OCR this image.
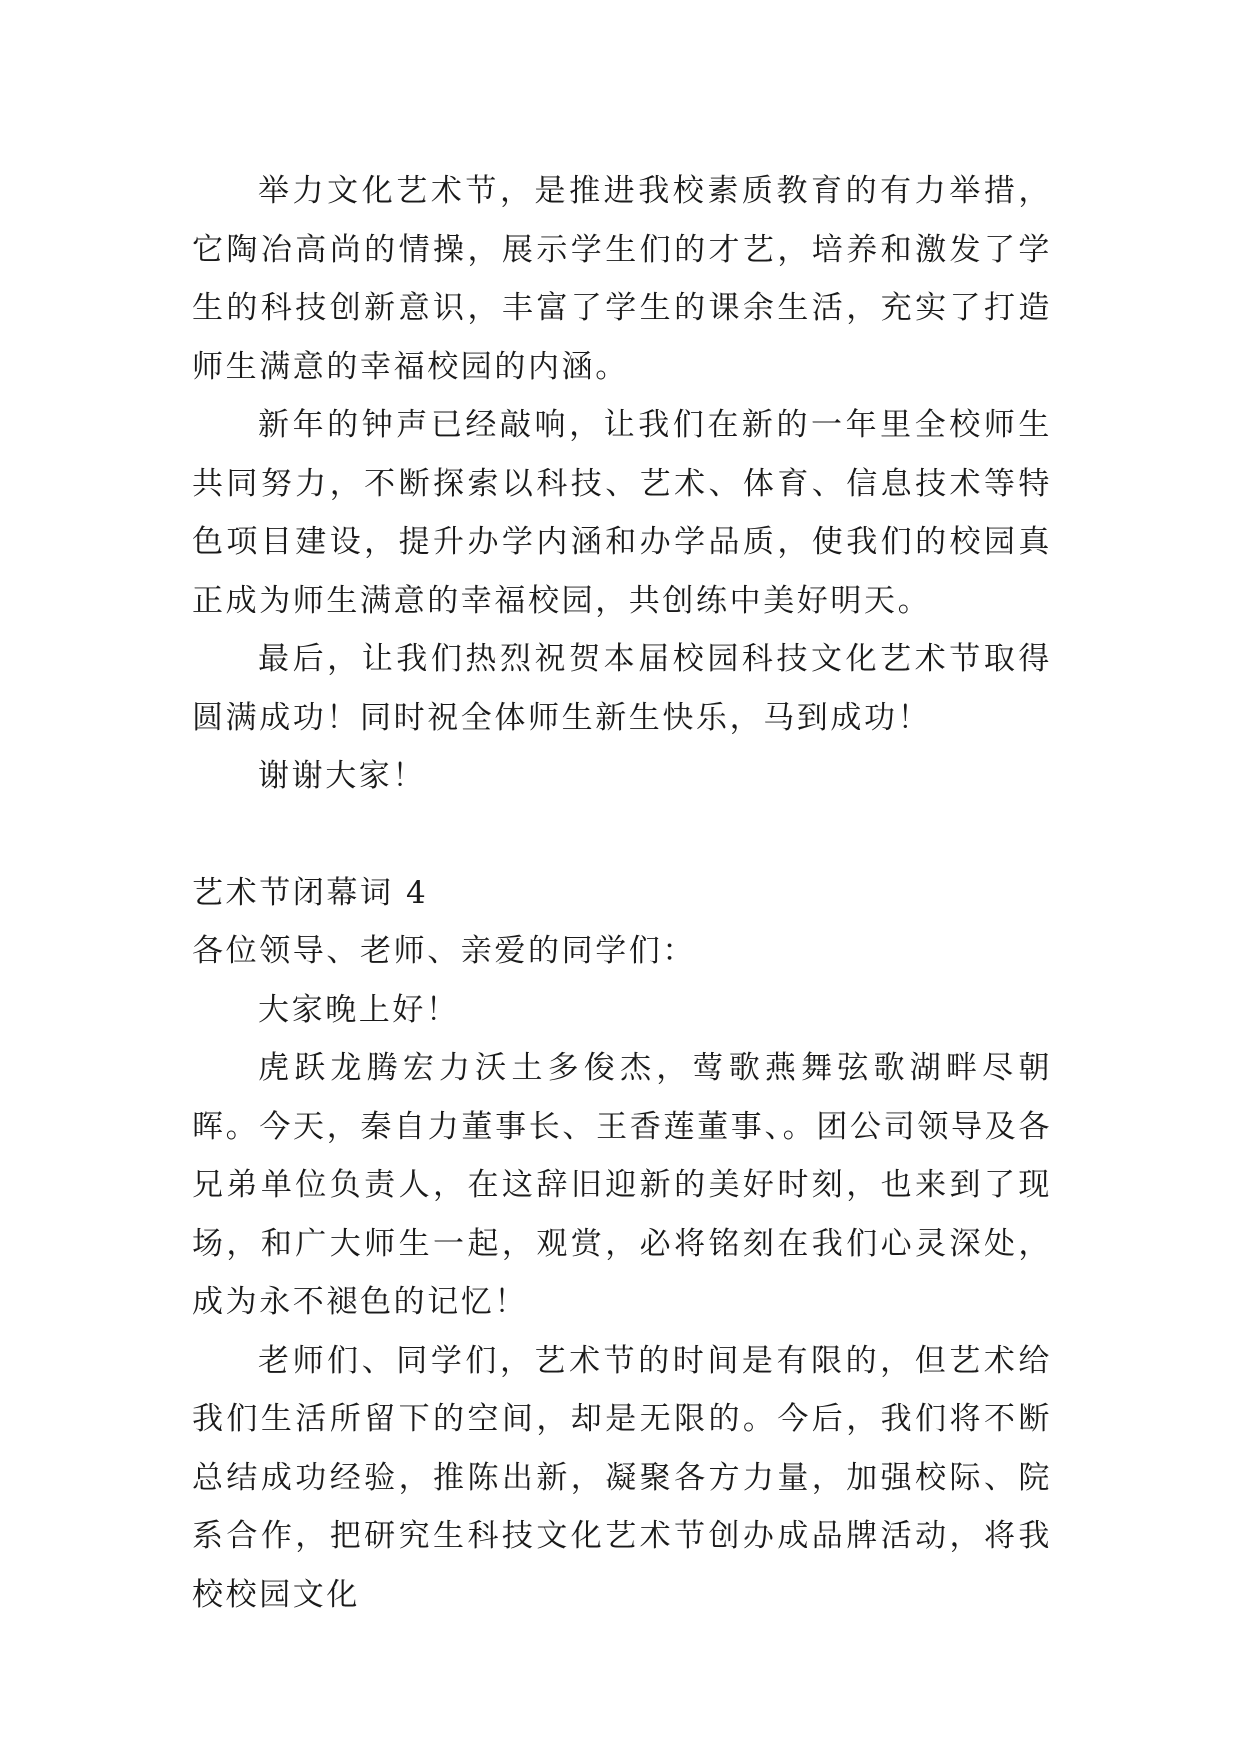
举力文化艺术节，是推进我校素质教育的有力举措，它陶冶高尚的情操，展示学生们的才艺，培养和激发了学生的科技创新意识，丰富了学生的课余生活，充实了打造师生满意的幸福校园的内涵。

新年的钟声已经敲响，让我们在新的一年里全校师生共同努力，不断探索以科技、艺术、体育、信息技术等特色项目建设，提升办学内涵和办学品质，使我们的校园真正成为师生满意的幸福校园，共创练中美好明天。

最后，让我们热烈祝贺本届校园科技文化艺术节取得圆满成功！同时祝全体师生新生快乐，马到成功！

谢谢大家！

艺术节闭幕词 4

各位领导、老师、亲爱的同学们：

大家晚上好！

虎跃龙腾宏力沃土多俊杰，莺歌燕舞弦歌湖畔尽朝晖。今天，秦自力董事长、王香莲董事、。团公司领导及各兄弟单位负责人，在这辞旧迎新的美好时刻，也来到了现场，和广大师生一起，观赏，必将铭刻在我们心灵深处，成为永不褪色的记忆！

老师们、同学们，艺术节的时间是有限的，但艺术给我们生活所留下的空间，却是无限的。今后，我们将不断总结成功经验，推陈出新，凝聚各方力量，加强校际、院系合作，把研究生科技文化艺术节创办成品牌活动，将我校校园文化
